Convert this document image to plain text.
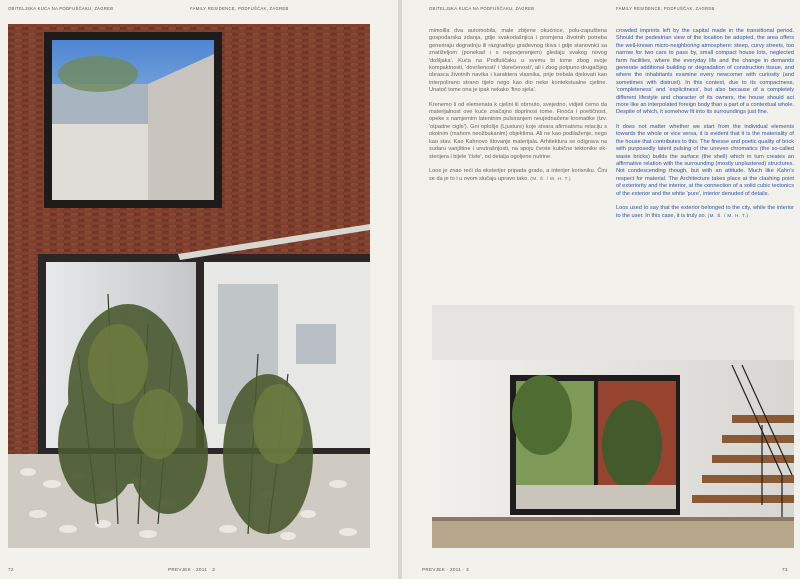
OBITELJSKA KUĆA NA PODFUŠČAKU, ZAGREB	FAMILY RESIDENCE, PODFUŠČAK, ZAGREB
72	PREVJEK · 2011 · 3
OBITELJSKA KUĆA NA PODFUŠČAKU, ZAGREB	FAMILY RESIDENCE, PODFUŠČAK, ZAGREB

mimoilla dva automobila, male zbijene okućnice, polu-zapuštena gospodarska zdanja, gdje svakodašnjica i promjena životnih potreba generiraju dogradnju ili razgradnju građevnog tkiva i gdje stanovnici sa znatiželjom (ponekad i s nepovjerenjem) gledaju svakog novog 'došljaka'. Kuća na Podfuščaku u svemu bi tome zbog svoje kompaktnosti, 'dovršenosti' i 'dorečenosti', ali i zbog potpuno drugačijeg obrasca životnih navika i karaktera vlasnika, prije trebala djelovati kao interpolirano strano tijelo nego kao dio neke kontekstualne cjeline. Unatoč tome ona je ipak nekako 'fino sjela'.

Krenemo li od elemenata k cjelini ili obrnuto, svejedno, vidjeti ćemo da materijalnost ove kuće značajno doprinosi tome. Finoća i poetičnost, opeke s namjernim latentnim pulsiranjem neujednačene kromatike (tzv. 'otpadne cigle'). Gni oplošje (Ljusture) koje stvara afirmativnu relaciju s okolnim (mahom neožbukanim) objektima. Ali ne kao podilaženje, nego kao stav. Kao Kahnovo štovanje materijala. Arhitektura se odigrava na sudaru vanjštine i unutrašnjosti, na spoju čvrste kubične tektonike eksterijera i bijele 'čiste', od detalja ogoljene nutrine.

Loos je znao reći da eksterijer pripada gradu, a interijer korisniku. Čini se da je to i u ovom slučaju upravo tako. (M. Š. / M. H. T.)

crowded imprints left by the capital made in the transitional period. Should the pedestrian view of the location be adopted, the area offers the well-known micro-neighboring atmosphere: steep, curvy streets, too narrow for two cars to pass by, small compact house lots, neglected farm facilities, where the everyday life and the change in demands generate additional building or degradation of construction tissue, and where the inhabitants examine every newcomer with curiosity (and sometimes with distrust). In this context, due to its compactness, 'completeness' and 'explicitness', but also because of a completely different lifestyle and character of its owners, the house should act more like an interpolated foreign body than a part of a contextual whole. Despite of which, it somehow fit into its surroundings just fine.

It does not matter whether we start from the individual elements towards the whole or vice versa, it is evident that it is the materiality of the house that contributes to this. The finesse and poetic quality of brick with purposedly latent pulsing of the uneven chromatics (the so-called waste bricks) builds the surface (the shell) which in turn creates an affirmative relation with the surrounding (mostly unplastered) structures. Not condescending though, but with an attitude. Much like Kahn's respect for material. The Architecture takes place at the clashing point of exteriority and the interior, at the connection of a solid cubic tectonics of the exterior and the white 'pure', interior denuded of details.

Loos used to say that the exterior belonged to the city, while the interior to the user. In this case, it is truly so. (M. Š. / M. H. T.)

PREVJEK · 2011 · 3	73
